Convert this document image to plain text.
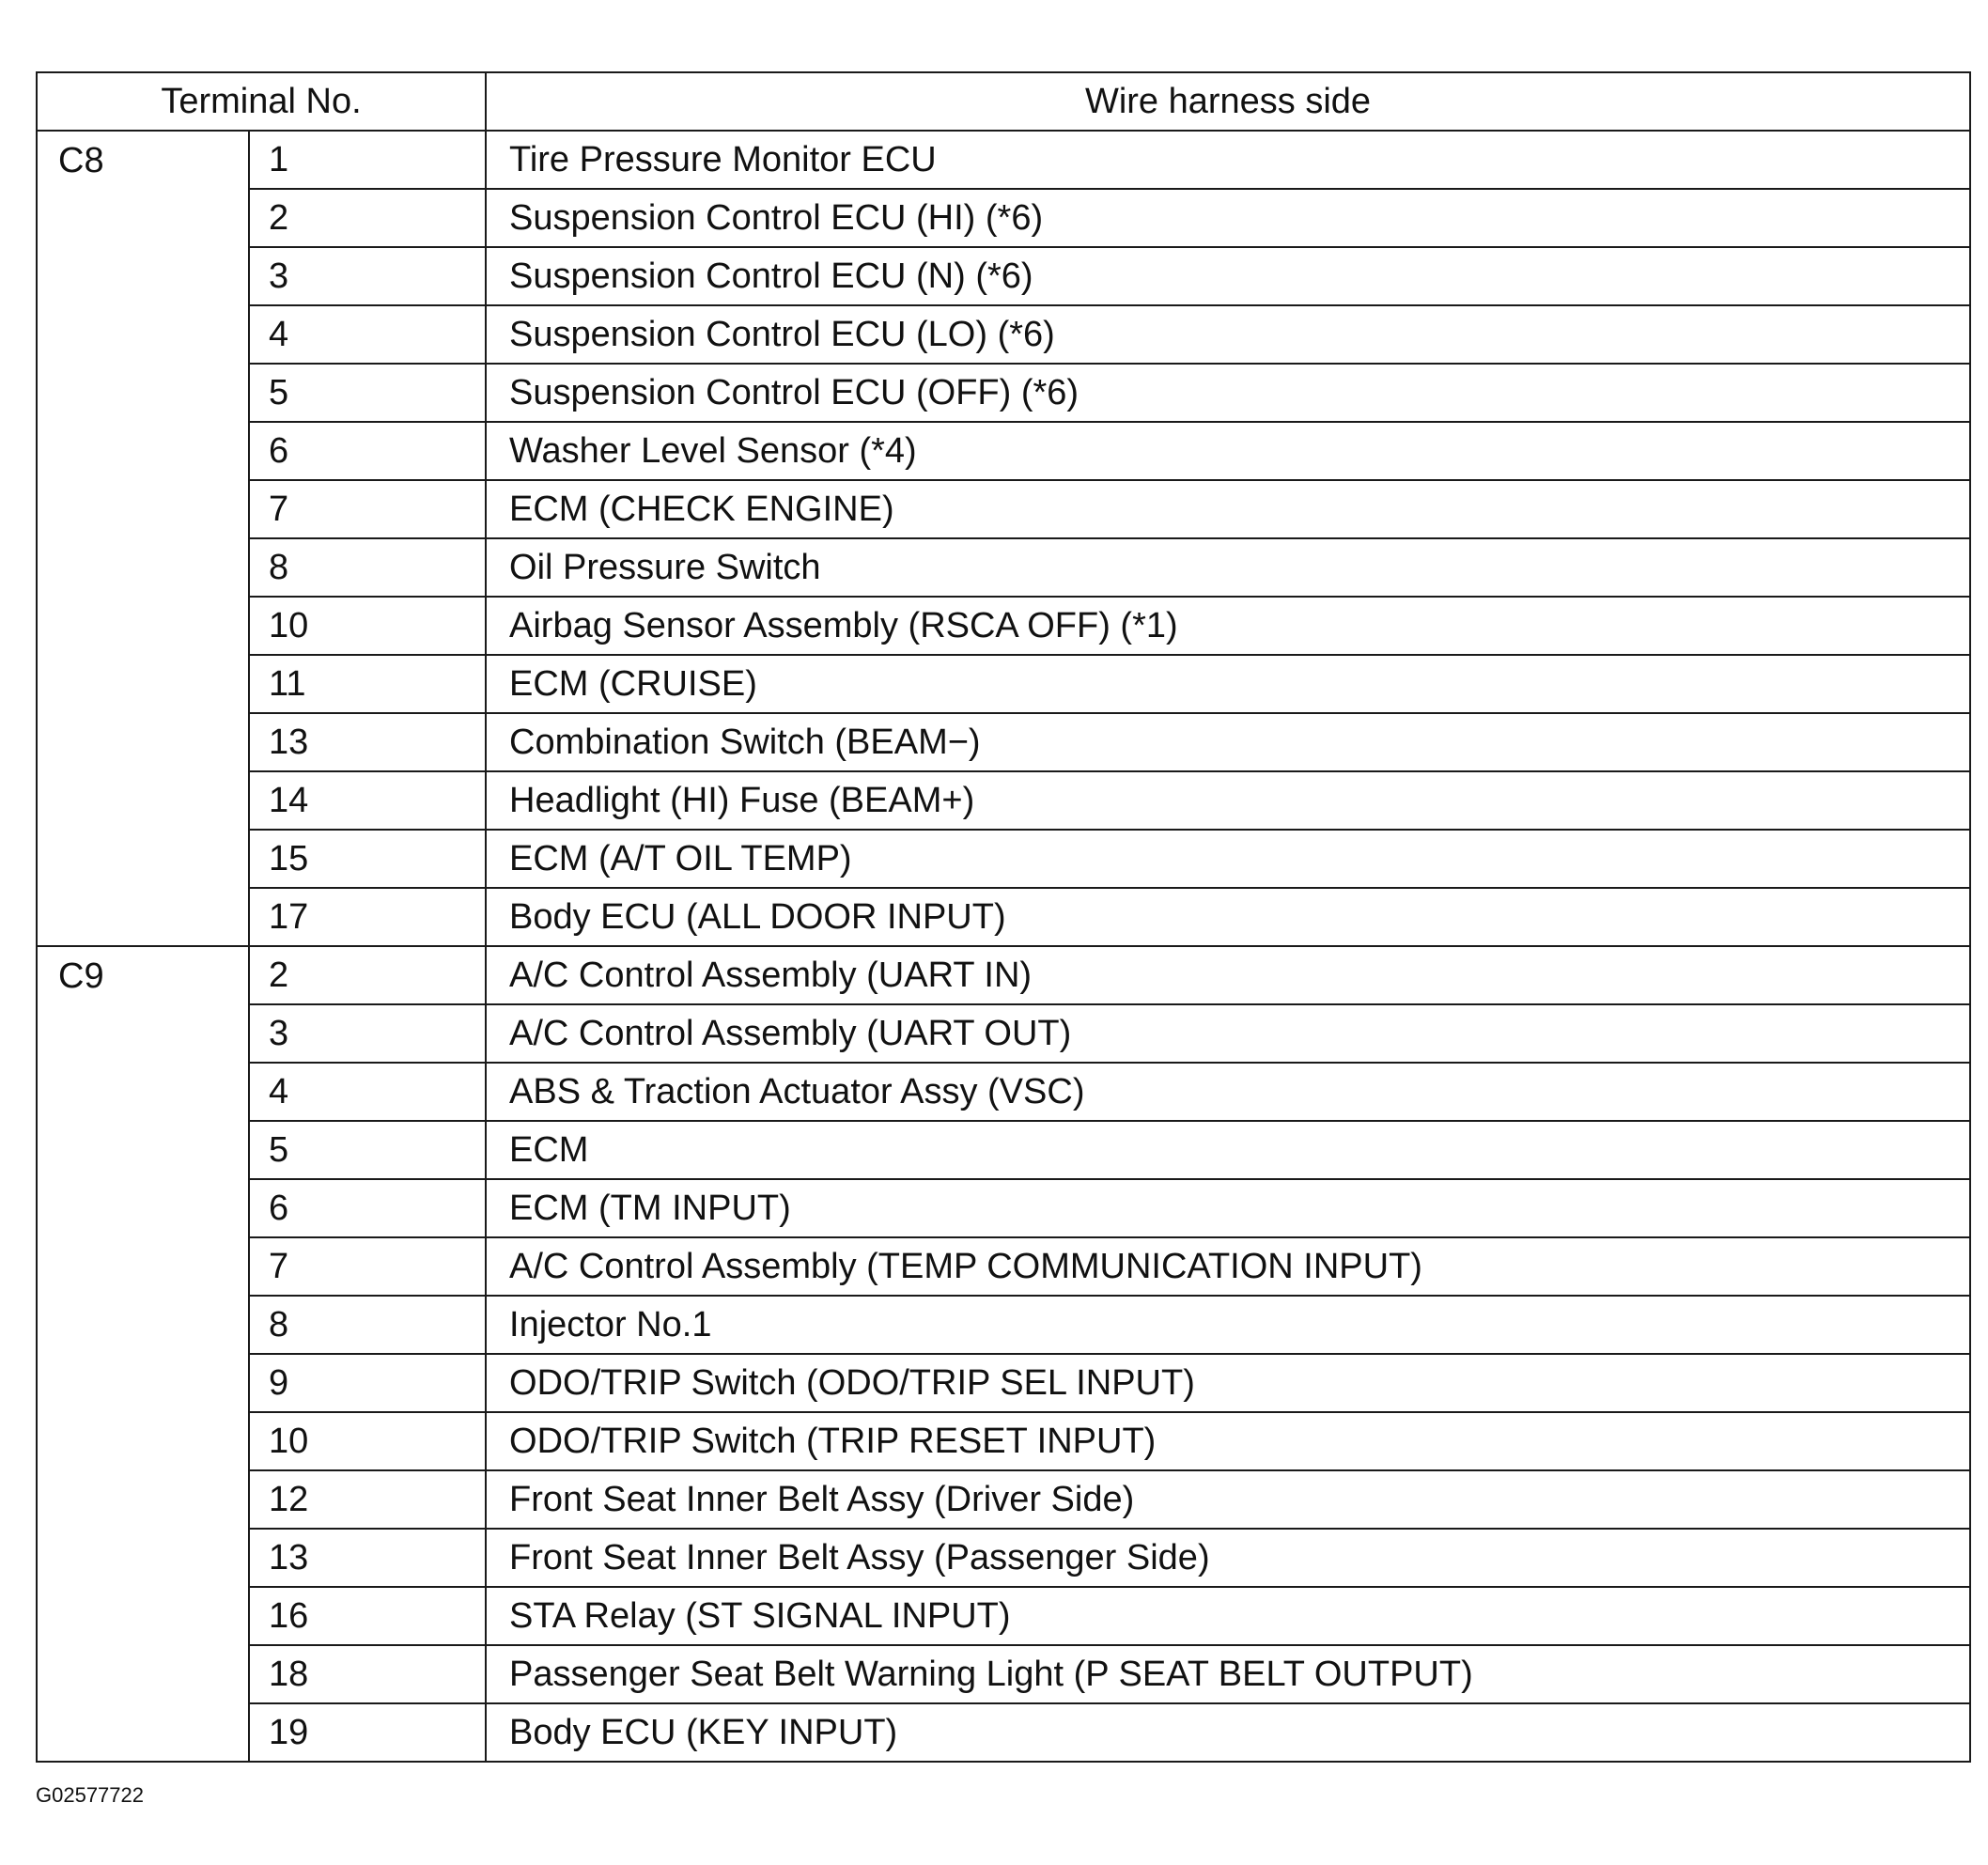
Terminal No.		Wire harness side
C8	1	Tire Pressure Monitor ECU
	2	Suspension Control ECU (HI) (*6)
	3	Suspension Control ECU (N) (*6)
	4	Suspension Control ECU (LO) (*6)
	5	Suspension Control ECU (OFF) (*6)
	6	Washer Level Sensor (*4)
	7	ECM (CHECK ENGINE)
	8	Oil Pressure Switch
	10	Airbag Sensor Assembly (RSCA OFF) (*1)
	11	ECM (CRUISE)
	13	Combination Switch (BEAM−)
	14	Headlight (HI) Fuse (BEAM+)
	15	ECM (A/T OIL TEMP)
	17	Body ECU (ALL DOOR INPUT)
C9	2	A/C Control Assembly (UART IN)
	3	A/C Control Assembly (UART OUT)
	4	ABS & Traction Actuator Assy (VSC)
	5	ECM
	6	ECM (TM INPUT)
	7	A/C Control Assembly (TEMP COMMUNICATION INPUT)
	8	Injector No.1
	9	ODO/TRIP Switch (ODO/TRIP SEL INPUT)
	10	ODO/TRIP Switch (TRIP RESET INPUT)
	12	Front Seat Inner Belt Assy (Driver Side)
	13	Front Seat Inner Belt Assy (Passenger Side)
	16	STA Relay (ST SIGNAL INPUT)
	18	Passenger Seat Belt Warning Light (P SEAT BELT OUTPUT)
	19	Body ECU (KEY INPUT)
G02577722
